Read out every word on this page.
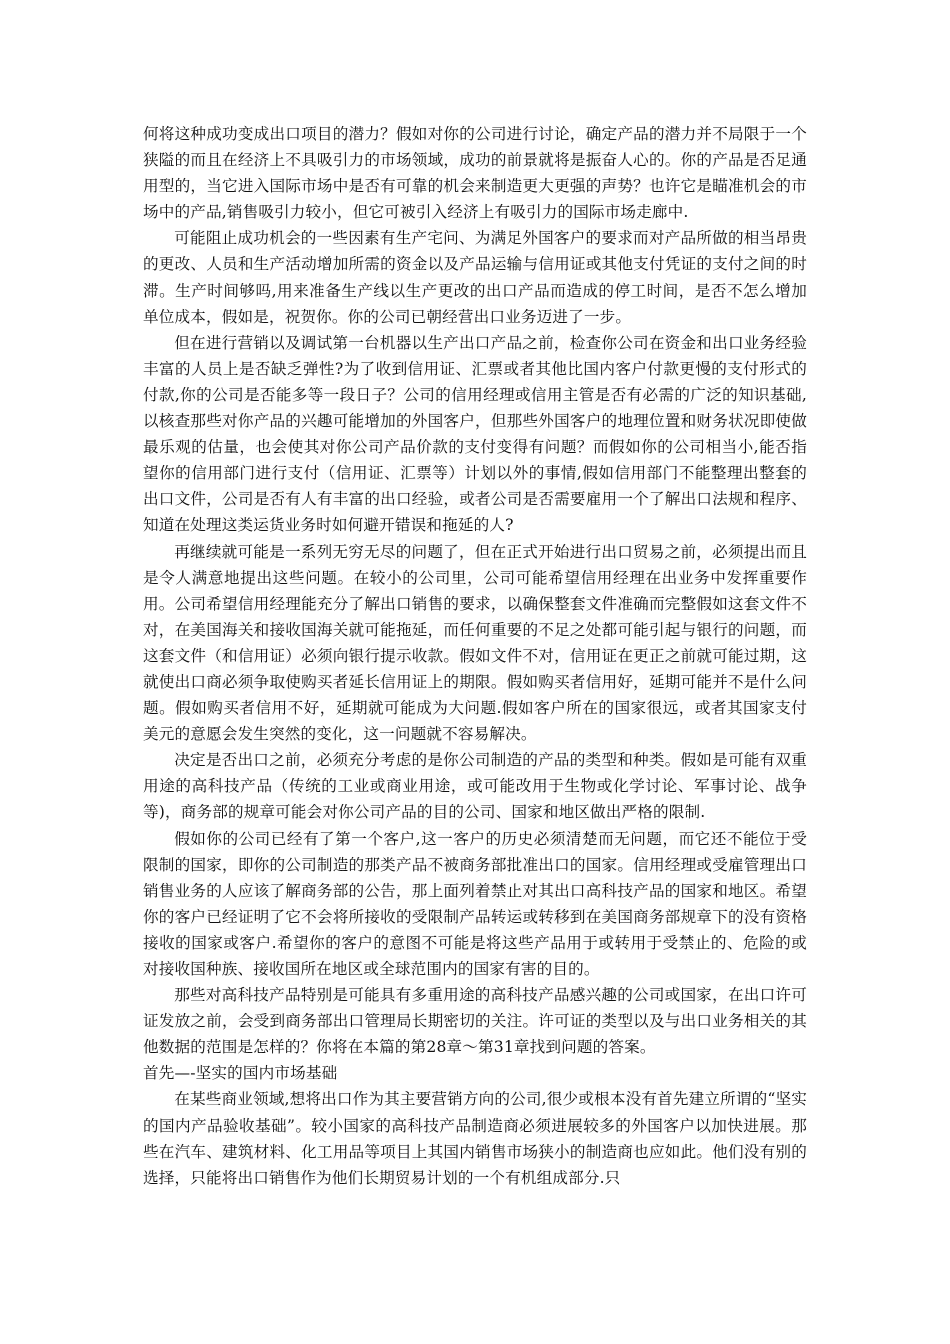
何将这种成功变成出口项目的潜力？假如对你的公司进行讨论，确定产品的潜力并不局限于一个狭隘的而且在经济上不具吸引力的市场领域，成功的前景就将是振奋人心的。你的产品是否足通用型的，当它进入国际市场中是否有可靠的机会来制造更大更强的声势？也许它是瞄准机会的市场中的产品,销售吸引力较小，但它可被引入经济上有吸引力的国际市场走廊中.

可能阻止成功机会的一些因素有生产宅问、为满足外国客户的要求而对产品所做的相当昂贵的更改、人员和生产活动增加所需的资金以及产品运输与信用证或其他支付凭证的支付之间的时滞。生产时间够吗,用来准备生产线以生产更改的出口产品而造成的停工时间，是否不怎么增加单位成本，假如是，祝贺你。你的公司已朝经营出口业务迈进了一步。

但在进行营销以及调试第一台机器以生产出口产品之前，检查你公司在资金和出口业务经验丰富的人员上是否缺乏弹性?为了收到信用证、汇票或者其他比国内客户付款更慢的支付形式的付款,你的公司是否能多等一段日子？公司的信用经理或信用主管是否有必需的广泛的知识基础,以核查那些对你产品的兴趣可能增加的外国客户，但那些外国客户的地理位置和财务状况即使做最乐观的估量，也会使其对你公司产品价款的支付变得有问题？而假如你的公司相当小,能否指望你的信用部门进行支付（信用证、汇票等）计划以外的事情,假如信用部门不能整理出整套的出口文件，公司是否有人有丰富的出口经验，或者公司是否需要雇用一个了解出口法规和程序、知道在处理这类运货业务时如何避开错误和拖延的人?

再继续就可能是一系列无穷无尽的问题了，但在正式开始进行出口贸易之前，必须提出而且是令人满意地提出这些问题。在较小的公司里，公司可能希望信用经理在出业务中发挥重要作用。公司希望信用经理能充分了解出口销售的要求，以确保整套文件准确而完整假如这套文件不对，在美国海关和接收国海关就可能拖延，而任何重要的不足之处都可能引起与银行的问题，而这套文件（和信用证）必须向银行提示收款。假如文件不对，信用证在更正之前就可能过期，这就使出口商必须争取使购买者延长信用证上的期限。假如购买者信用好，延期可能并不是什么问题。假如购买者信用不好，延期就可能成为大问题.假如客户所在的国家很远，或者其国家支付美元的意愿会发生突然的变化，这一问题就不容易解决。

决定是否出口之前，必须充分考虑的是你公司制造的产品的类型和种类。假如是可能有双重用途的高科技产品（传统的工业或商业用途，或可能改用于生物或化学讨论、军事讨论、战争等)，商务部的规章可能会对你公司产品的目的公司、国家和地区做出严格的限制.

假如你的公司已经有了第一个客户,这一客户的历史必须清楚而无问题，而它还不能位于受限制的国家，即你的公司制造的那类产品不被商务部批准出口的国家。信用经理或受雇管理出口销售业务的人应该了解商务部的公告，那上面列着禁止对其出口高科技产品的国家和地区。希望你的客户已经证明了它不会将所接收的受限制产品转运或转移到在美国商务部规章下的没有资格接收的国家或客户.希望你的客户的意图不可能是将这些产品用于或转用于受禁止的、危险的或对接收国种族、接收国所在地区或全球范围内的国家有害的目的。

那些对高科技产品特别是可能具有多重用途的高科技产品感兴趣的公司或国家，在出口许可证发放之前，会受到商务部出口管理局长期密切的关注。许可证的类型以及与出口业务相关的其他数据的范围是怎样的？你将在本篇的第28章～第31章找到问题的答案。

首先—-坚实的国内市场基础

在某些商业领域,想将出口作为其主要营销方向的公司,很少或根本没有首先建立所谓的“坚实的国内产品验收基础”。较小国家的高科技产品制造商必须进展较多的外国客户以加快进展。那些在汽车、建筑材料、化工用品等项目上其国内销售市场狭小的制造商也应如此。他们没有别的选择，只能将出口销售作为他们长期贸易计划的一个有机组成部分.只
